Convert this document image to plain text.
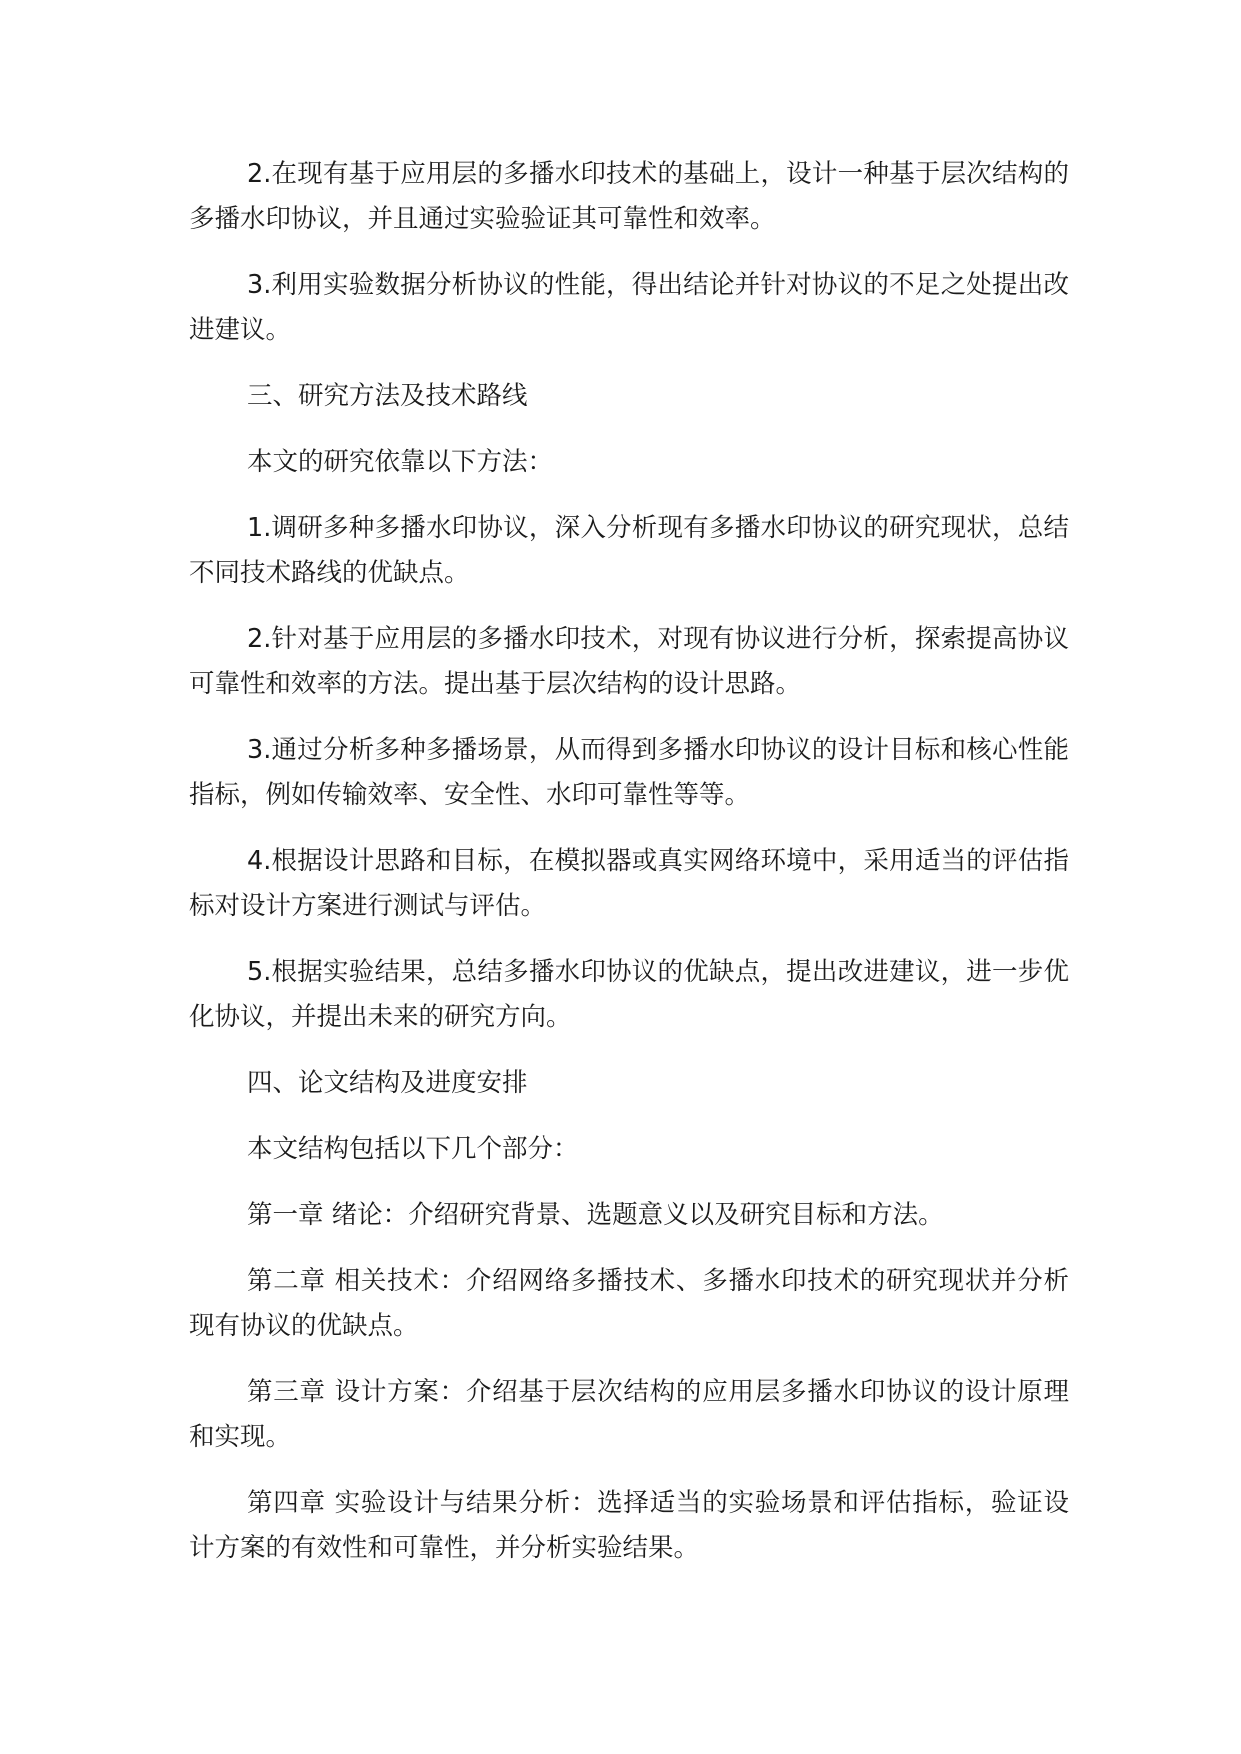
2.在现有基于应用层的多播水印技术的基础上，设计一种基于层次结构的多播水印协议，并且通过实验验证其可靠性和效率。

3.利用实验数据分析协议的性能，得出结论并针对协议的不足之处提出改进建议。

三、研究方法及技术路线

本文的研究依靠以下方法：

1.调研多种多播水印协议，深入分析现有多播水印协议的研究现状，总结不同技术路线的优缺点。

2.针对基于应用层的多播水印技术，对现有协议进行分析，探索提高协议可靠性和效率的方法。提出基于层次结构的设计思路。

3.通过分析多种多播场景，从而得到多播水印协议的设计目标和核心性能指标，例如传输效率、安全性、水印可靠性等等。

4.根据设计思路和目标，在模拟器或真实网络环境中，采用适当的评估指标对设计方案进行测试与评估。

5.根据实验结果，总结多播水印协议的优缺点，提出改进建议，进一步优化协议，并提出未来的研究方向。

四、论文结构及进度安排

本文结构包括以下几个部分：

第一章 绪论：介绍研究背景、选题意义以及研究目标和方法。

第二章 相关技术：介绍网络多播技术、多播水印技术的研究现状并分析现有协议的优缺点。

第三章 设计方案：介绍基于层次结构的应用层多播水印协议的设计原理和实现。

第四章 实验设计与结果分析：选择适当的实验场景和评估指标，验证设计方案的有效性和可靠性，并分析实验结果。
